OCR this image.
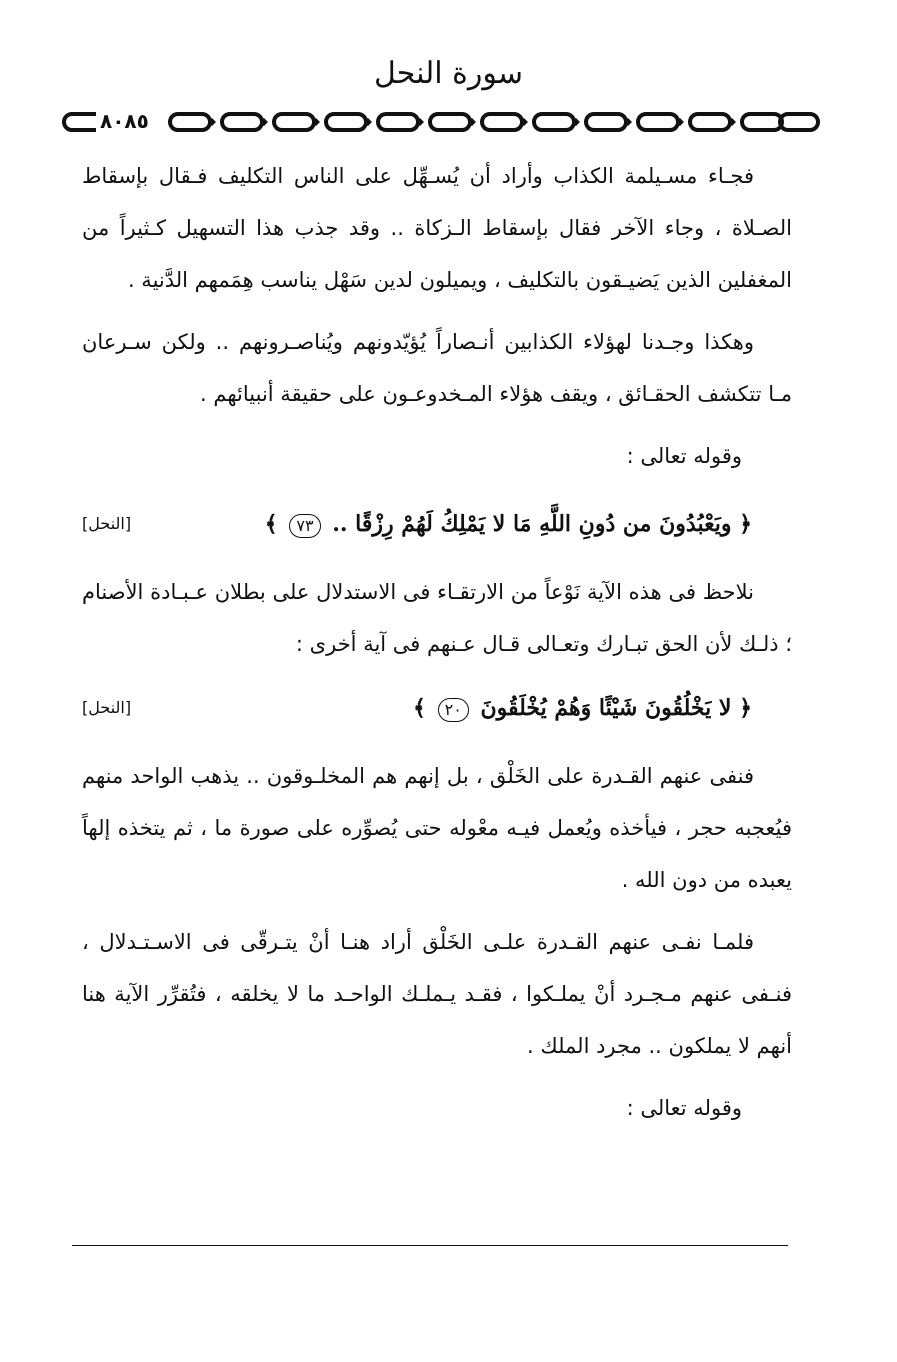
سورة النحل
٨٠٨٥

فجـاء مسـيلمة الكذاب وأراد أن يُسـهِّل على الناس التكليف فـقال بإسقاط الصـلاة ، وجاء الآخر فقال بإسقاط الـزكاة .. وقد جذب هذا التسهيل كـثيراً من المغفلين الذين يَضيـقون بالتكليف ، ويميلون لدين سَهْل يناسب هِمَمهم الدَّنية .

وهكذا وجـدنا لهؤلاء الكذابين أنـصاراً يُؤيّدونهم ويُناصـرونهم .. ولكن سـرعان مـا تتكشف الحقـائق ، ويقف هؤلاء المـخدوعـون على حقيقة أنبيائهم .

وقوله تعالى :
﴿ ويَعْبُدُونَ من دُونِ اللَّهِ مَا لا يَمْلِكُ لَهُمْ رِزْقًا .. ٧٣ ﴾
[النحل]

نلاحظ فى هذه الآية نَوْعاً من الارتقـاء فى الاستدلال على بطلان عـبـادة الأصنام ؛ ذلـك لأن الحق تبـارك وتعـالى قـال عـنهم فى آية أخرى :

﴿ لا يَخْلُقُونَ شَيْئًا وَهُمْ يُخْلَقُونَ ٢٠ ﴾
[النحل]

فنفى عنهم القـدرة على الخَلْق ، بل إنهم هم المخلـوقون .. يذهب الواحد منهم فيُعجبه حجر ، فيأخذه ويُعمل فيـه معْوله حتى يُصوِّره على صورة ما ، ثم يتخذه إلهاً يعبده من دون الله .

فلمـا نفـى عنهم القـدرة علـى الخَلْق أراد هنـا أنْ يتـرقّى فى الاسـتـدلال ، فنـفى عنهم مـجـرد أنْ يملـكوا ، فقـد يـملـك الواحـد ما لا يخلقه ، فتُقرِّر الآية هنا أنهم لا يملكون .. مجرد الملك .

وقوله تعالى :
